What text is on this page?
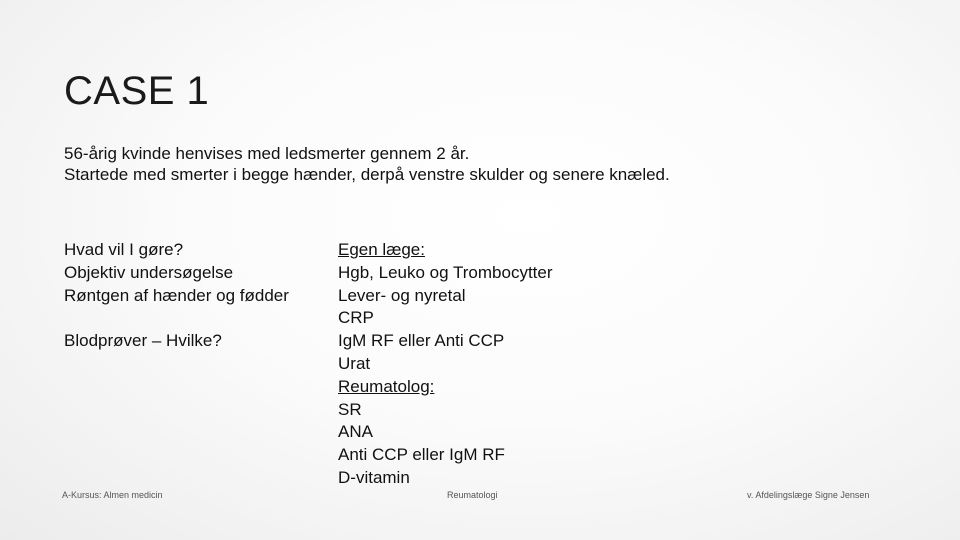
CASE 1
56-årig kvinde henvises med ledsmerter gennem 2 år.
Startede med smerter i begge hænder, derpå venstre skulder og senere knæled.
Hvad vil I gøre?
Objektiv undersøgelse
Røntgen af hænder og fødder
Blodprøver – Hvilke?
Egen læge:
Hgb, Leuko og Trombocytter
Lever- og nyretal
CRP
IgM RF eller Anti CCP
Urat
Reumatolog:
SR
ANA
Anti CCP eller IgM RF
D-vitamin
A-Kursus: Almen medicin	Reumatologi	v. Afdelingslæge Signe Jensen
